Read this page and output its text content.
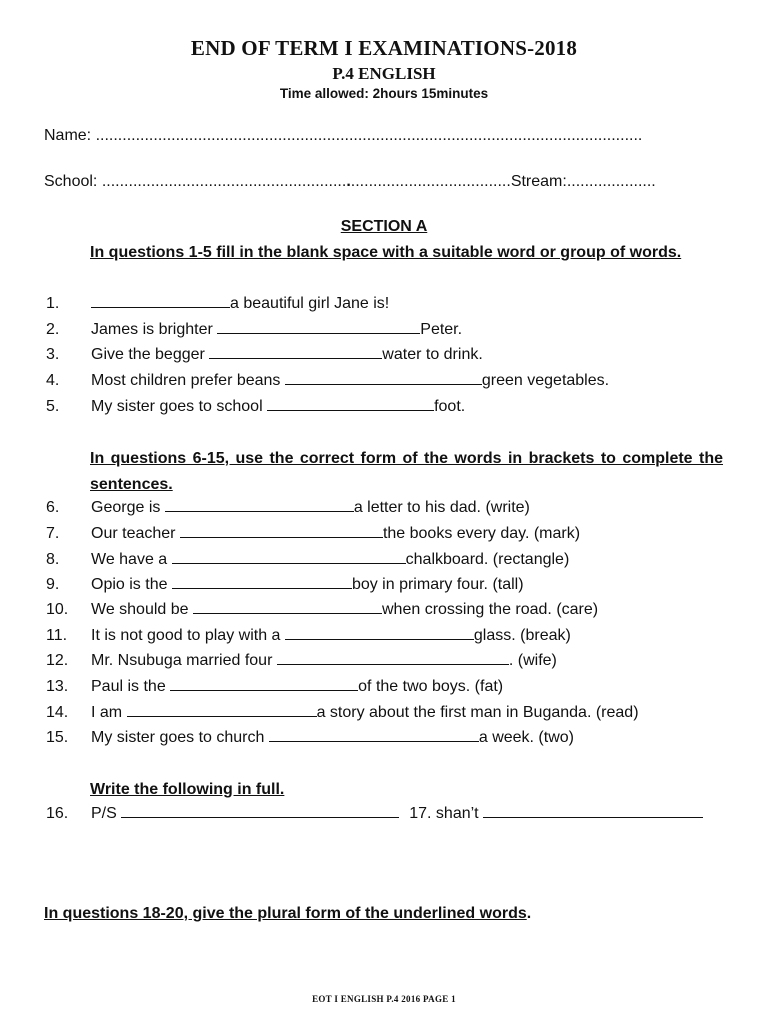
END OF TERM I EXAMINATIONS-2018
P.4 ENGLISH
Time allowed: 2hours 15minutes
Name: ...........................................................................................................................
School: ............................................................................................Stream:....................
SECTION A
In questions 1-5 fill in the blank space with a suitable word or group of words.
1.	a beautiful girl Jane is!
2. James is brighter	Peter.
3. Give the begger	water to drink.
4. Most children prefer beans	green vegetables.
5. My sister goes to school	foot.
In questions 6-15, use the correct form of the words in brackets to complete the sentences.
6. George is	a letter to his dad. (write)
7. Our teacher	the books every day. (mark)
8. We have a	chalkboard. (rectangle)
9. Opio is the	boy in primary four. (tall)
10. We should be	when crossing the road. (care)
11. It is not good to play with a	glass. (break)
12. Mr. Nsubuga married four	. (wife)
13. Paul is the	of the two boys. (fat)
14. I am	a story about the first man in Buganda. (read)
15. My sister goes to church	a week. (two)
Write the following in full.
16. P/S	17. shan’t
In questions 18-20, give the plural form of the underlined words.
EOT I ENGLISH P.4 2016 PAGE 1
